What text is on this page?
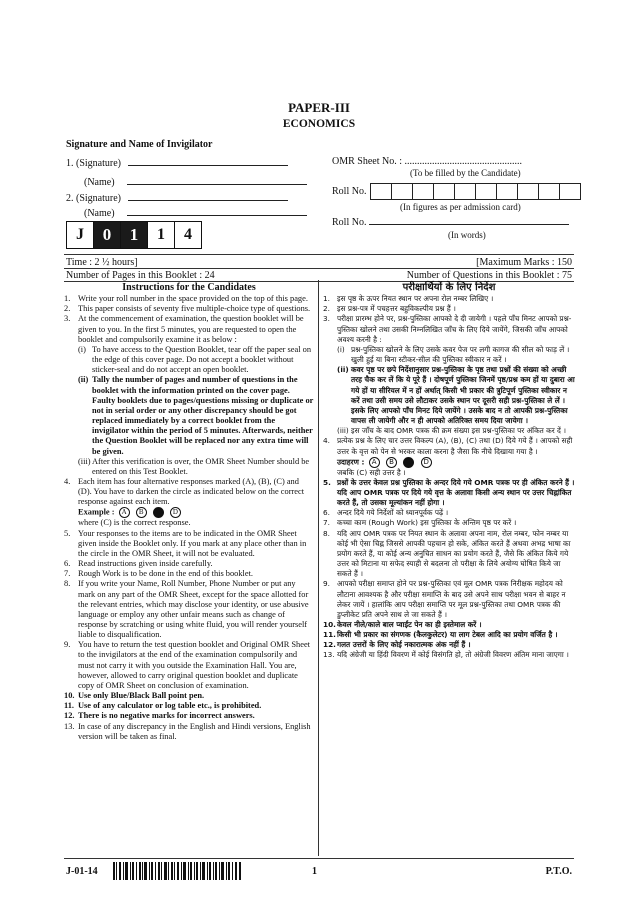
PAPER-III
ECONOMICS
Signature and Name of Invigilator
1. (Signature)
(Name)
2. (Signature)
(Name)
OMR Sheet No. : ...............................................
(To be filled by the Candidate)
Roll No.
(In figures as per admission card)
Roll No.
(In words)
J	0	1	1	4
Time : 2 ½ hours]	[Maximum Marks : 150
Number of Pages in this Booklet : 24	Number of Questions in this Booklet : 75
Instructions for the Candidates
1. Write your roll number in the space provided on the top of this page.
2. This paper consists of seventy five multiple-choice type of questions.
3. At the commencement of examination, the question booklet will be given to you. In the first 5 minutes, you are requested to open the booklet and compulsorily examine it as below :
(i) To have access to the Question Booklet, tear off the paper seal on the edge of this cover page. Do not accept a booklet without sticker-seal and do not accept an open booklet.
(ii) Tally the number of pages and number of questions in the booklet with the information printed on the cover page. Faulty booklets due to pages/questions missing or duplicate or not in serial order or any other discrepancy should be got replaced immediately by a correct booklet from the invigilator within the period of 5 minutes. Afterwards, neither the Question Booklet will be replaced nor any extra time will be given.
(iii) After this verification is over, the OMR Sheet Number should be entered on this Test Booklet.
4. Each item has four alternative responses marked (A), (B), (C) and (D). You have to darken the circle as indicated below on the correct response against each item.
Example : A B C D
where (C) is the correct response.
5. Your responses to the items are to be indicated in the OMR Sheet given inside the Booklet only. If you mark at any place other than in the circle in the OMR Sheet, it will not be evaluated.
6. Read instructions given inside carefully.
7. Rough Work is to be done in the end of this booklet.
8. If you write your Name, Roll Number, Phone Number or put any mark on any part of the OMR Sheet, except for the space allotted for the relevant entries, which may disclose your identity, or use abusive language or employ any other unfair means such as change of response by scratching or using white fluid, you will render yourself liable to disqualification.
9. You have to return the test question booklet and Original OMR Sheet to the invigilators at the end of the examination compulsorily and must not carry it with you outside the Examination Hall. You are, however, allowed to carry original question booklet and duplicate copy of OMR Sheet on conclusion of examination.
10. Use only Blue/Black Ball point pen.
11. Use of any calculator or log table etc., is prohibited.
12. There is no negative marks for incorrect answers.
13. In case of any discrepancy in the English and Hindi versions, English version will be taken as final.
परीक्षार्थियों के लिए निर्देश
1. इस पृष्ठ के ऊपर नियत स्थान पर अपना रोल नम्बर लिखिए ।
2. इस प्रश्न-पत्र में पचहत्तर बहुविकल्पीय प्रश्न हैं ।
3. परीक्षा प्रारम्भ होने पर, प्रश्न-पुस्तिका आपको दे दी जायेगी । पहले पाँच मिनट आपको प्रश्न-पुस्तिका खोलने तथा उसकी निम्नलिखित जाँच के लिए दिये जायेंगे, जिसकी जाँच आपको अवश्य करनी है :
(i) प्रश्न-पुस्तिका खोलने के लिए उसके कवर पेज पर लगी कागज की सील को फाड़ लें । खुली हुई या बिना स्टीकर-सील की पुस्तिका स्वीकार न करें ।
(ii) कवर पृष्ठ पर छपे निर्देशानुसार प्रश्न-पुस्तिका के पृष्ठ तथा प्रश्नों की संख्या को अच्छी तरह चैक कर लें कि ये पूरे हैं । दोषपूर्ण पुस्तिका जिनमें पृष्ठ/प्रश्न कम हों या दुबारा आ गये हों या सीरियल में न हों अर्थात् किसी भी प्रकार की त्रुटिपूर्ण पुस्तिका स्वीकार न करें तथा उसी समय उसे लौटाकर उसके स्थान पर दूसरी सही प्रश्न-पुस्तिका ले लें । इसके लिए आपको पाँच मिनट दिये जायेंगे । उसके बाद न तो आपकी प्रश्न-पुस्तिका वापस ली जायेगी और न ही आपको अतिरिक्त समय दिया जायेगा ।
(iii) इस जाँच के बाद OMR पत्रक की क्रम संख्या इस प्रश्न-पुस्तिका पर अंकित कर दें ।
4. प्रत्येक प्रश्न के लिए चार उत्तर विकल्प (A), (B), (C) तथा (D) दिये गये हैं । आपको सही उत्तर के वृत्त को पेन से भरकर काला करना है जैसा कि नीचे दिखाया गया है ।
उदाहरण : A B C D
जबकि (C) सही उत्तर है ।
5. प्रश्नों के उत्तर केवल प्रश्न पुस्तिका के अन्दर दिये गये OMR पत्रक पर ही अंकित करने हैं । यदि आप OMR पत्रक पर दिये गये वृत्त के अलावा किसी अन्य स्थान पर उत्तर चिह्नांकित करते हैं, तो उसका मूल्यांकन नहीं होगा ।
6. अन्दर दिये गये निर्देशों को ध्यानपूर्वक पढ़ें ।
7. कच्चा काम (Rough Work) इस पुस्तिका के अन्तिम पृष्ठ पर करें ।
8. यदि आप OMR पत्रक पर नियत स्थान के अलावा अपना नाम, रोल नम्बर, फोन नम्बर या कोई भी ऐसा चिह्न जिससे आपकी पहचान हो सके, अंकित करते हैं अथवा अभद्र भाषा का प्रयोग करते हैं, या कोई अन्य अनुचित साधन का प्रयोग करते हैं, जैसे कि अंकित किये गये उत्तर को मिटाना या सफेद स्याही से बदलना तो परीक्षा के लिये अयोग्य घोषित किये जा सकते हैं ।
9. आपको परीक्षा समाप्त होने पर प्रश्न-पुस्तिका एवं मूल OMR पत्रक निरीक्षक महोदय को लौटाना आवश्यक है और परीक्षा समाप्ति के बाद उसे अपने साथ परीक्षा भवन से बाहर न लेकर जायें । हालांकि आप परीक्षा समाप्ति पर मूल प्रश्न-पुस्तिका तथा OMR पत्रक की डुप्लीकेट प्रति अपने साथ ले जा सकते हैं ।
10. केवल नीले/काले बाल प्वाईंट पेन का ही इस्तेमाल करें ।
11. किसी भी प्रकार का संगणक (कैलकुलेटर) या लाग टेबल आदि का प्रयोग वर्जित है ।
12. गलत उत्तरों के लिए कोई नकारात्मक अंक नहीं हैं ।
13. यदि अंग्रेजी या हिंदी विवरण में कोई विसंगति हो, तो अंग्रेजी विवरण अंतिम माना जाएगा ।
J-01-14	1	P.T.O.
